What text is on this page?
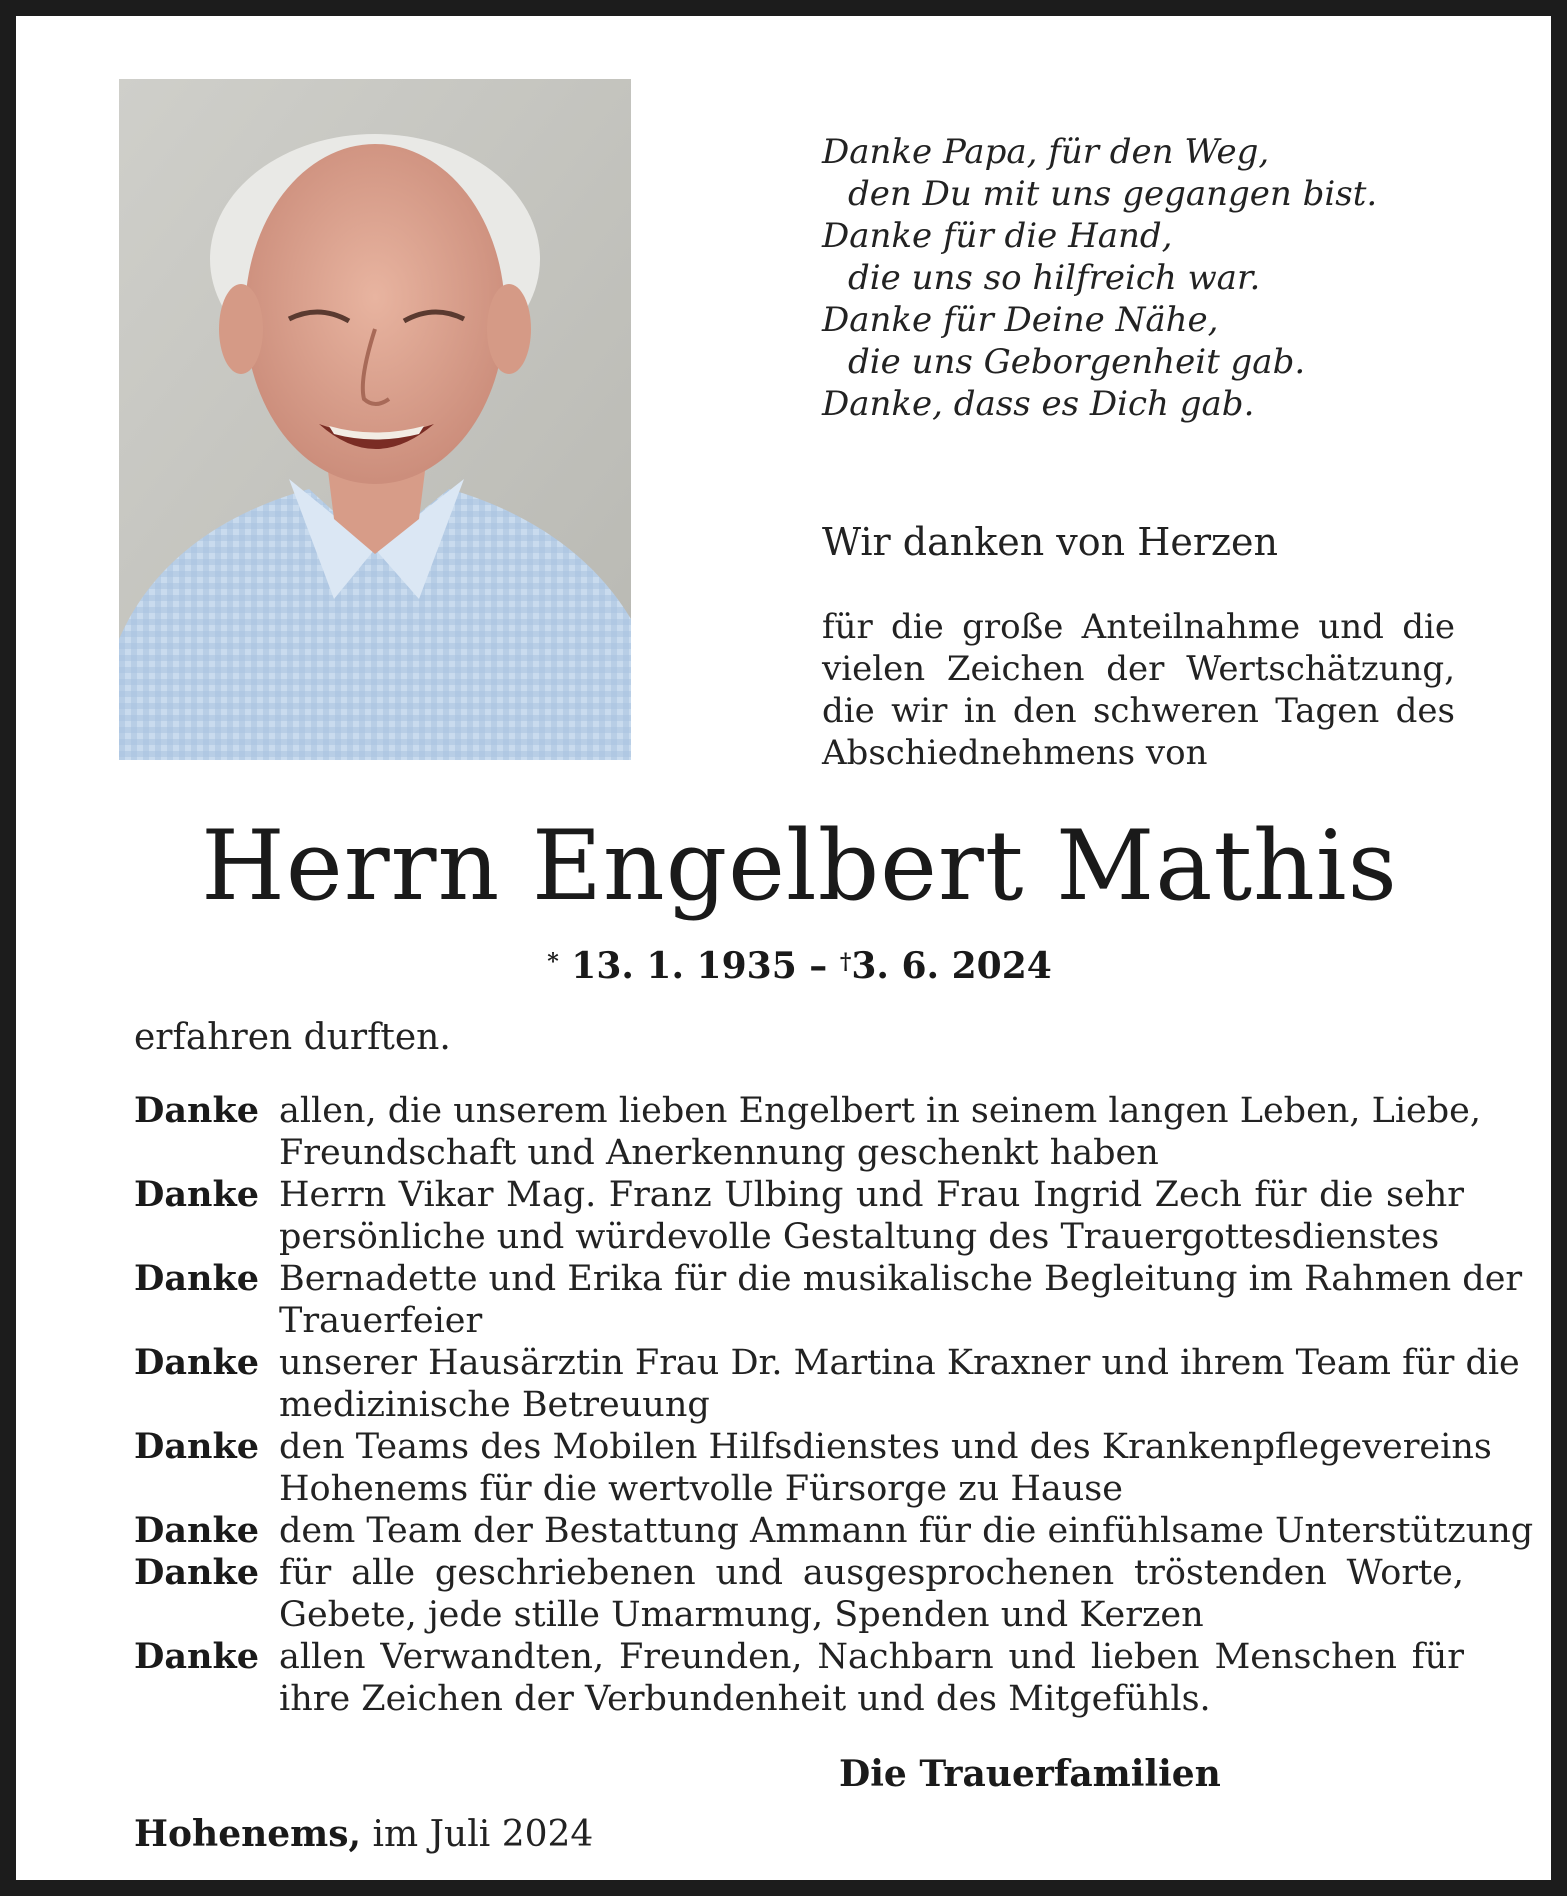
Danke Papa, für den Weg,
den Du mit uns gegangen bist.
Danke für die Hand,
die uns so hilfreich war.
Danke für Deine Nähe,
die uns Geborgenheit gab.
Danke, dass es Dich gab.
Wir danken von Herzen
für die große Anteilnahme und die
vielen Zeichen der Wertschätzung,
die wir in den schweren Tagen des
Abschiednehmens von
Herrn Engelbert Mathis
* 13. 1. 1935 – †3. 6. 2024
erfahren durften.
Danke allen, die unserem lieben Engelbert in seinem langen Leben, Liebe,
Freundschaft und Anerkennung geschenkt haben
Danke Herrn Vikar Mag. Franz Ulbing und Frau Ingrid Zech für die sehr
persönliche und würdevolle Gestaltung des Trauergottesdienstes
Danke Bernadette und Erika für die musikalische Begleitung im Rahmen der
Trauerfeier
Danke unserer Hausärztin Frau Dr. Martina Kraxner und ihrem Team für die
medizinische Betreuung
Danke den Teams des Mobilen Hilfsdienstes und des Krankenpflegevereins
Hohenems für die wertvolle Fürsorge zu Hause
Danke dem Team der Bestattung Ammann für die einfühlsame Unterstützung
Danke für alle geschriebenen und ausgesprochenen tröstenden Worte,
Gebete, jede stille Umarmung, Spenden und Kerzen
Danke allen Verwandten, Freunden, Nachbarn und lieben Menschen für
ihre Zeichen der Verbundenheit und des Mitgefühls.
Die Trauerfamilien
Hohenems, im Juli 2024
